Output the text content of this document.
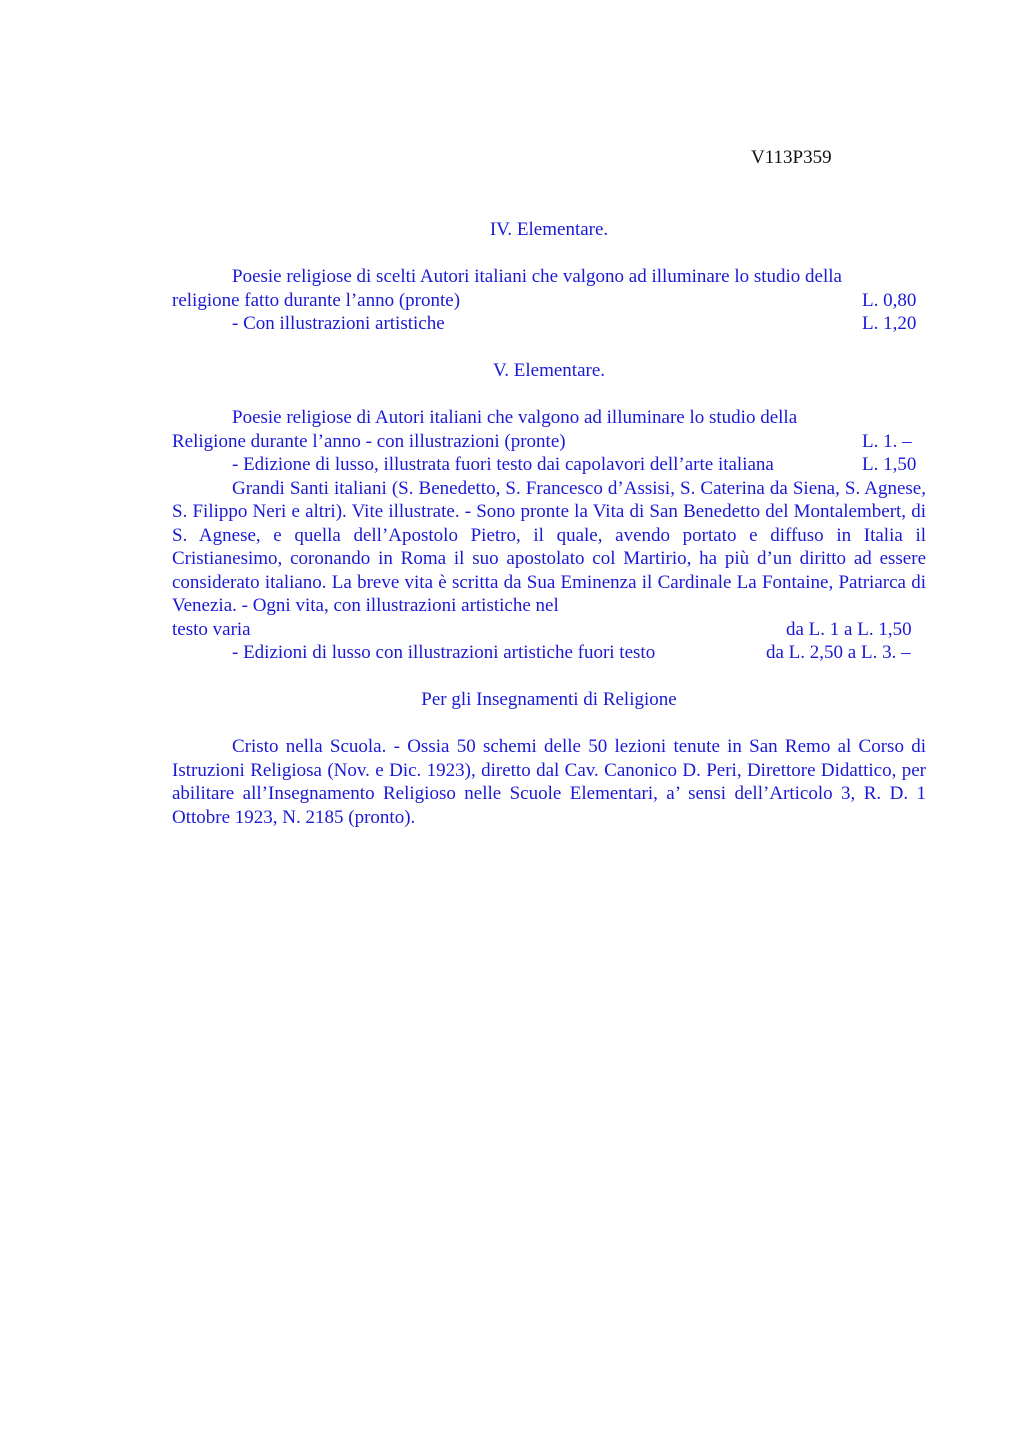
V113P359

IV. Elementare.

Poesie religiose di scelti Autori italiani che valgono ad illuminare lo studio della

religione fatto durante l’anno (pronte)	L. 0,80
- Con illustrazioni artistiche	L. 1,20

V. Elementare.

Poesie religiose di Autori italiani che valgono ad illuminare lo studio della

Religione durante l’anno - con illustrazioni (pronte)	L. 1. –
- Edizione di lusso, illustrata fuori testo dai capolavori dell’arte italiana	L. 1,50

Grandi Santi italiani (S. Benedetto, S. Francesco d’Assisi, S. Caterina da Siena, S. Agnese, S. Filippo Neri e altri). Vite illustrate. - Sono pronte la Vita di San Benedetto del Montalembert, di S. Agnese, e quella dell’Apostolo Pietro, il quale, avendo portato e diffuso in Italia il Cristianesimo, coronando in Roma il suo apostolato col Martirio, ha più d’un diritto ad essere considerato italiano. La breve vita è scritta da Sua Eminenza il Cardinale La Fontaine, Patriarca di Venezia. - Ogni vita, con illustrazioni artistiche nel

testo varia	da L. 1 a L. 1,50
- Edizioni di lusso con illustrazioni artistiche fuori testo	da L. 2,50 a L. 3. –

Per gli Insegnamenti di Religione

Cristo nella Scuola. - Ossia 50 schemi delle 50 lezioni tenute in San Remo al Corso di Istruzioni Religiosa (Nov. e Dic. 1923), diretto dal Cav. Canonico D. Peri, Direttore Didattico, per abilitare all’Insegnamento Religioso nelle Scuole Elementari, a’ sensi dell’Articolo 3, R. D. 1 Ottobre 1923, N. 2185 (pronto).
